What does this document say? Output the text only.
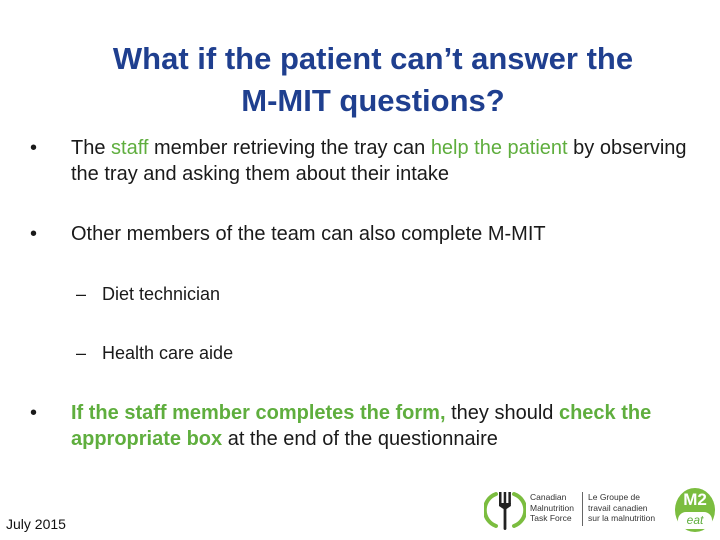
What if the patient can’t answer the
M-MIT questions?
•	The staff member retrieving the tray can help the patient by observing the tray and asking them about their intake
•	Other members of the team can also complete M-MIT
– Diet technician
– Health care aide
•	If the staff member completes the form, they should check the appropriate box at the end of the questionnaire
July 2015
Canadian
Malnutrition
Task Force
Le Groupe de
travail canadien
sur la malnutrition
M2
eat
